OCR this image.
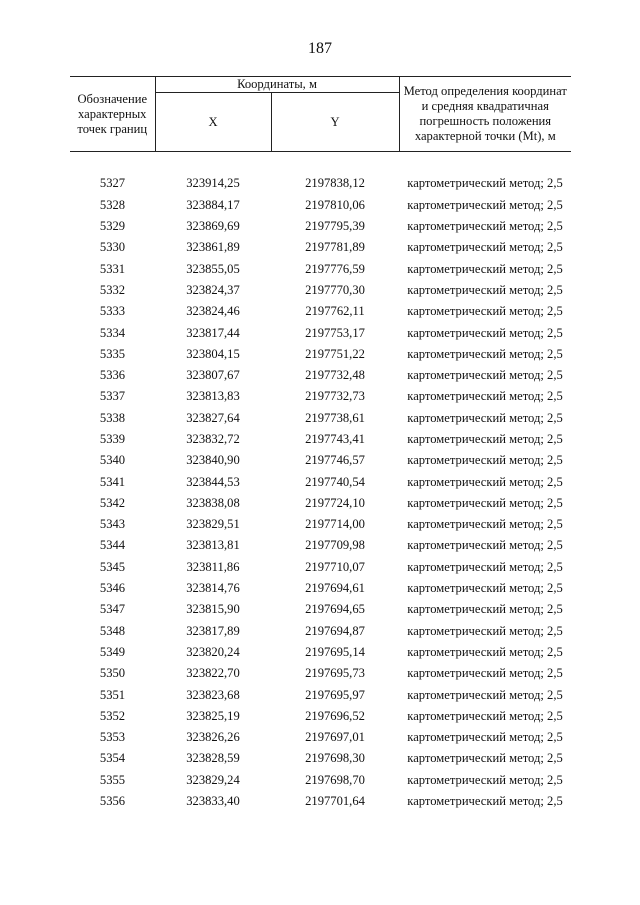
187
Обозначение характерных точек границ	Координаты, м		Метод определения координат и средняя квадратичная погрешность положения характерной точки (Mt), м
	X	Y	

5327	323914,25	2197838,12	картометрический метод; 2,5
5328	323884,17	2197810,06	картометрический метод; 2,5
5329	323869,69	2197795,39	картометрический метод; 2,5
5330	323861,89	2197781,89	картометрический метод; 2,5
5331	323855,05	2197776,59	картометрический метод; 2,5
5332	323824,37	2197770,30	картометрический метод; 2,5
5333	323824,46	2197762,11	картометрический метод; 2,5
5334	323817,44	2197753,17	картометрический метод; 2,5
5335	323804,15	2197751,22	картометрический метод; 2,5
5336	323807,67	2197732,48	картометрический метод; 2,5
5337	323813,83	2197732,73	картометрический метод; 2,5
5338	323827,64	2197738,61	картометрический метод; 2,5
5339	323832,72	2197743,41	картометрический метод; 2,5
5340	323840,90	2197746,57	картометрический метод; 2,5
5341	323844,53	2197740,54	картометрический метод; 2,5
5342	323838,08	2197724,10	картометрический метод; 2,5
5343	323829,51	2197714,00	картометрический метод; 2,5
5344	323813,81	2197709,98	картометрический метод; 2,5
5345	323811,86	2197710,07	картометрический метод; 2,5
5346	323814,76	2197694,61	картометрический метод; 2,5
5347	323815,90	2197694,65	картометрический метод; 2,5
5348	323817,89	2197694,87	картометрический метод; 2,5
5349	323820,24	2197695,14	картометрический метод; 2,5
5350	323822,70	2197695,73	картометрический метод; 2,5
5351	323823,68	2197695,97	картометрический метод; 2,5
5352	323825,19	2197696,52	картометрический метод; 2,5
5353	323826,26	2197697,01	картометрический метод; 2,5
5354	323828,59	2197698,30	картометрический метод; 2,5
5355	323829,24	2197698,70	картометрический метод; 2,5
5356	323833,40	2197701,64	картометрический метод; 2,5
